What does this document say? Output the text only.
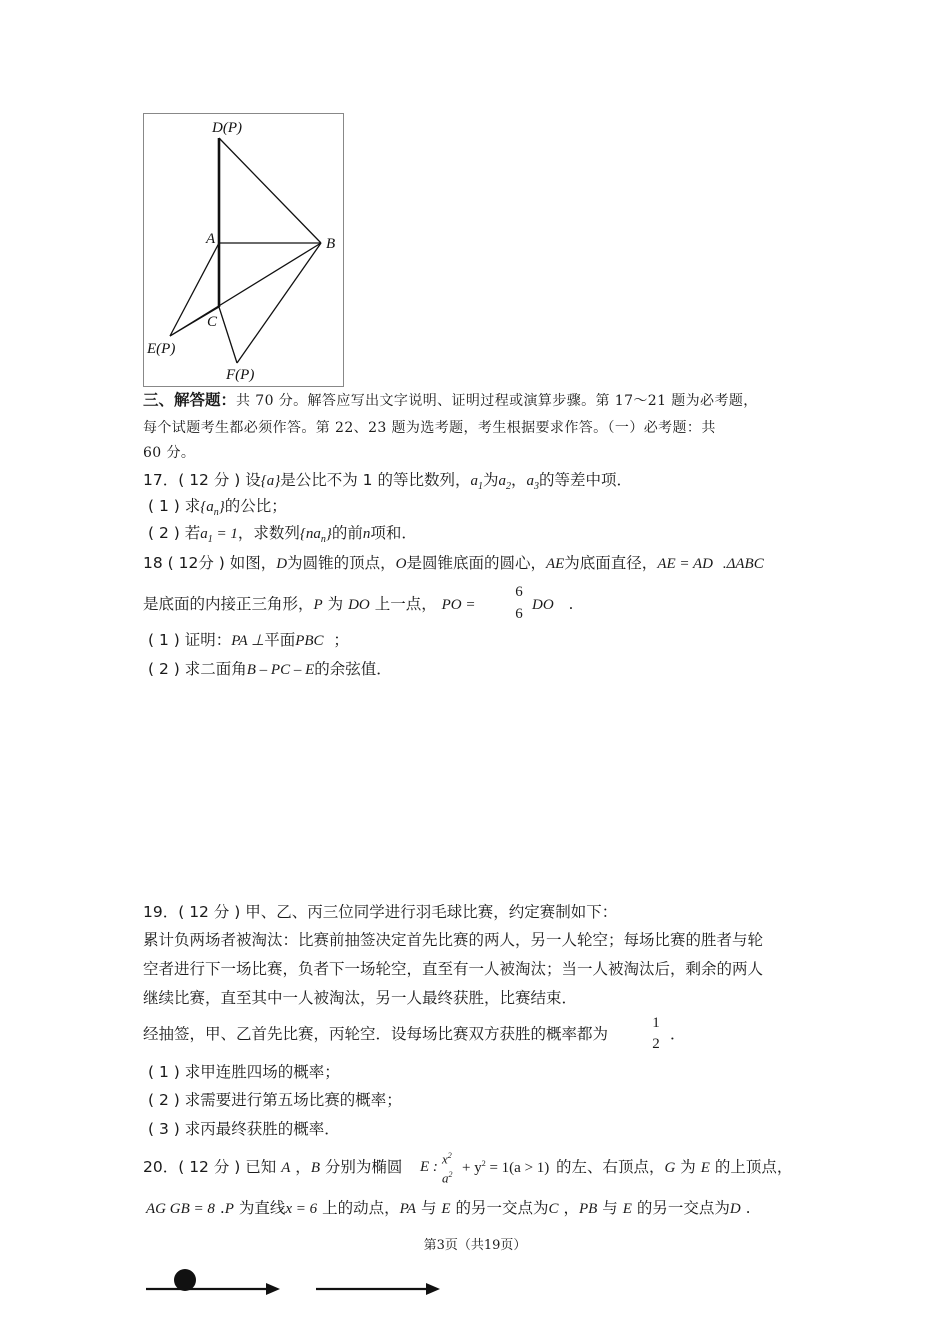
D(P)
A	B
C
E(P)
F(P)
三、解答题：共 70 分。解答应写出文字说明、证明过程或演算步骤。第 17～21 题为必考题，
每个试题考生都必须作答。第 22、23 题为选考题，考生根据要求作答。（一）必考题：共
60 分。
17．( 12 分 ) 设{a}是公比不为 1 的等比数列，$a_1$为$a_2$，$a_3$的等差中项．
( 1 ) 求$\{a_n\}$的公比；
( 2 ) 若$a_1 = 1$，求数列$\{na_n\}$的前n项和．
18 ( 12分 ) 如图，D为圆锥的顶点，O是圆锥底面的圆心，AE为底面直径，AE = AD .ΔABC
是底面的内接正三角形，P 为 DO 上一点， PO =
6
6
DO .
( 1 ) 证明：PA ⊥平面PBC ；
( 2 ) 求二面角B – PC – E的余弦值．
19．( 12 分 ) 甲、乙、丙三位同学进行羽毛球比赛，约定赛制如下：
累计负两场者被淘汰：比赛前抽签决定首先比赛的两人，另一人轮空；每场比赛的胜者与轮
空者进行下一场比赛，负者下一场轮空，直至有一人被淘汰；当一人被淘汰后，剩余的两人
继续比赛，直至其中一人被淘汰，另一人最终获胜，比赛结束．
经抽签，甲、乙首先比赛，丙轮空．设每场比赛双方获胜的概率都为
1
2
．
( 1 ) 求甲连胜四场的概率；
( 2 ) 求需要进行第五场比赛的概率；
( 3 ) 求丙最终获胜的概率．
20．( 12 分 ) 已知 A ，B 分别为椭圆 E :
$x^2$
$a^2 + y^2 = 1(a > 1)$ 的左、右顶点，G 为 E 的上顶点，
AG GB = 8 .P 为直线x = 6 上的动点，PA 与 E 的另一交点为C ，PB 与 E 的另一交点为D .
第3页（共19页）
